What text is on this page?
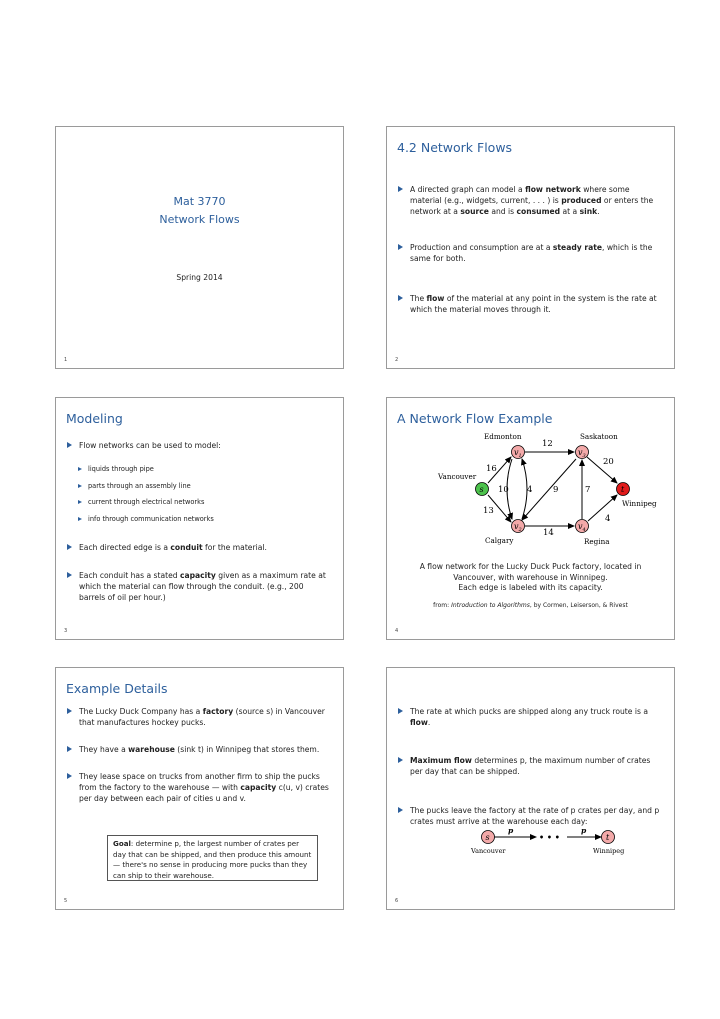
Mat 3770
Network Flows
Spring 2014
1
4.2 Network Flows
A directed graph can model a flow network where some material (e.g., widgets, current, . . . ) is produced or enters the network at a source and is consumed at a sink.
Production and consumption are at a steady rate, which is the same for both.
The flow of the material at any point in the system is the rate at which the material moves through it.
2
Modeling
Flow networks can be used to model:
liquids through pipe
parts through an assembly line
current through electrical networks
info through communication networks
Each directed edge is a conduit for the material.
Each conduit has a stated capacity given as a maximum rate at which the material can flow through the conduit. (e.g., 200 barrels of oil per hour.)
3
A Network Flow Example
12
20
16
13
10 4 9	7
4
14
$v_1$	$v_3$
s	t
$v_2$	$v_4$
Edmonton	Saskatoon
Vancouver
Winnipeg
Calgary	Regina
A flow network for the Lucky Duck Puck factory, located in
Vancouver, with warehouse in Winnipeg.
Each edge is labeled with its capacity.
from: Introduction to Algorithms, by Cormen, Leiserson, & Rivest
4
Example Details
The Lucky Duck Company has a factory (source s) in Vancouver that manufactures hockey pucks.
They have a warehouse (sink t) in Winnipeg that stores them.
They lease space on trucks from another firm to ship the pucks from the factory to the warehouse — with capacity c(u, v) crates per day between each pair of cities u and v.
Goal: determine p, the largest number of crates per day that can be shipped, and then produce this amount — there's no sense in producing more pucks than they can ship to their warehouse.
5
The rate at which pucks are shipped along any truck route is a flow.
Maximum flow determines p, the maximum number of crates per day that can be shipped.
The pucks leave the factory at the rate of p crates per day, and p crates must arrive at the warehouse each day:
p	p
• • •
s	t
Vancouver	Winnipeg
6
